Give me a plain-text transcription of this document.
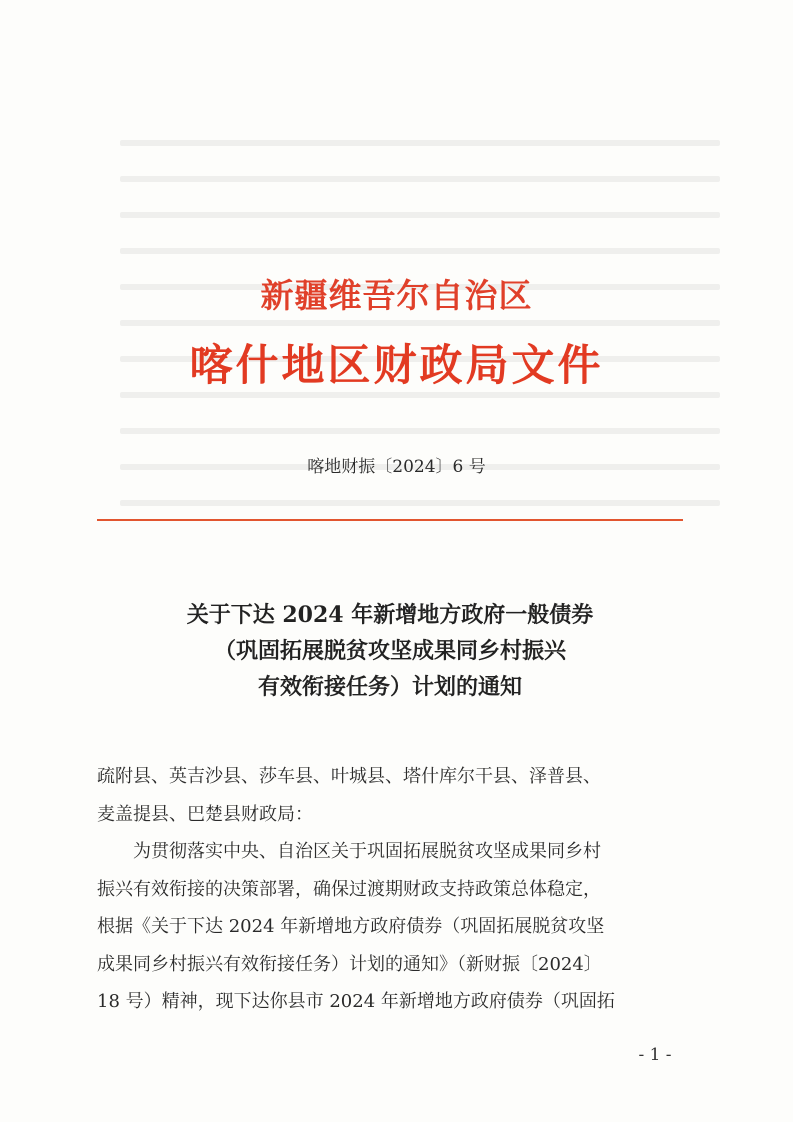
新疆维吾尔自治区
喀什地区财政局文件
喀地财振〔2024〕6 号
关于下达 2024 年新增地方政府一般债券
（巩固拓展脱贫攻坚成果同乡村振兴
有效衔接任务）计划的通知
疏附县、英吉沙县、莎车县、叶城县、塔什库尔干县、泽普县、
麦盖提县、巴楚县财政局：
为贯彻落实中央、自治区关于巩固拓展脱贫攻坚成果同乡村
振兴有效衔接的决策部署，确保过渡期财政支持政策总体稳定，
根据《关于下达 2024 年新增地方政府债券（巩固拓展脱贫攻坚
成果同乡村振兴有效衔接任务）计划的通知》（新财振〔2024〕
18 号）精神，现下达你县市 2024 年新增地方政府债券（巩固拓
- 1 -
